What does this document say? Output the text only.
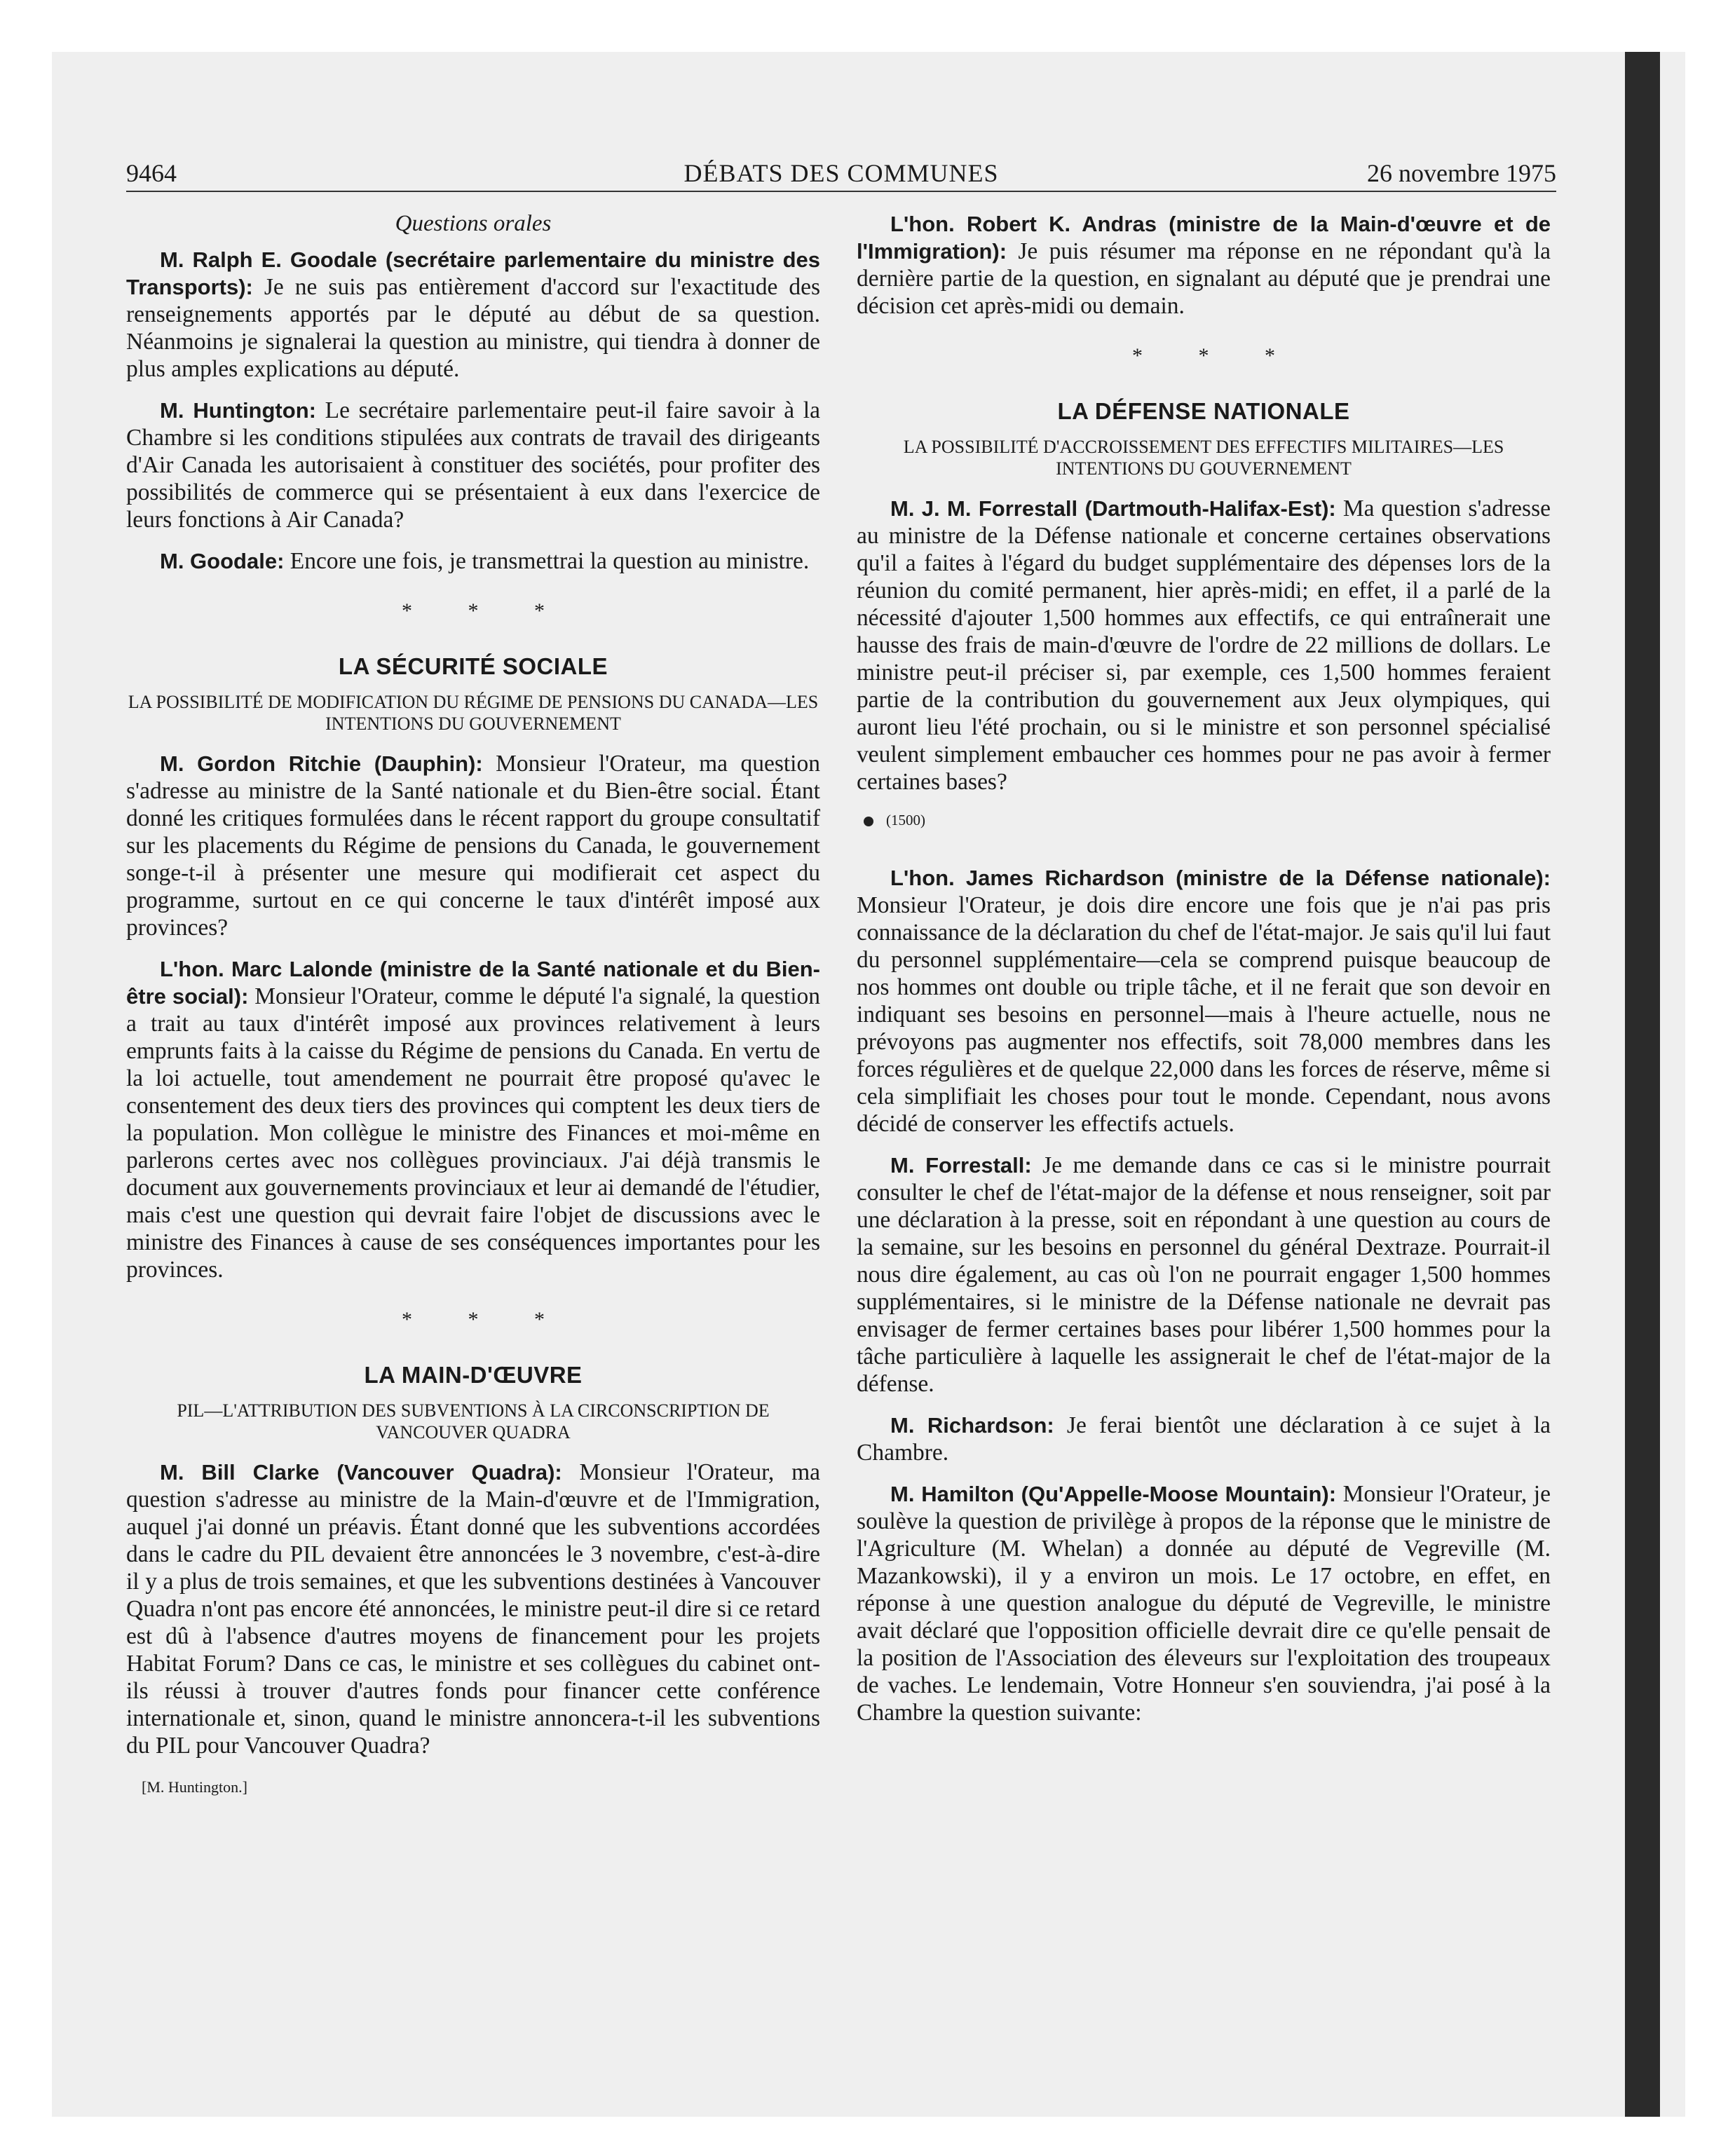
9464	DÉBATS DES COMMUNES	26 novembre 1975
Questions orales

M. Ralph E. Goodale (secrétaire parlementaire du ministre des Transports): Je ne suis pas entièrement d'accord sur l'exactitude des renseignements apportés par le député au début de sa question. Néanmoins je signalerai la question au ministre, qui tiendra à donner de plus amples explications au député.

M. Huntington: Le secrétaire parlementaire peut-il faire savoir à la Chambre si les conditions stipulées aux contrats de travail des dirigeants d'Air Canada les autorisaient à constituer des sociétés, pour profiter des possibilités de commerce qui se présentaient à eux dans l'exercice de leurs fonctions à Air Canada?

M. Goodale: Encore une fois, je transmettrai la question au ministre.

* * *
LA SÉCURITÉ SOCIALE
LA POSSIBILITÉ DE MODIFICATION DU RÉGIME DE PENSIONS DU CANADA—LES INTENTIONS DU GOUVERNEMENT

M. Gordon Ritchie (Dauphin): Monsieur l'Orateur, ma question s'adresse au ministre de la Santé nationale et du Bien-être social. Étant donné les critiques formulées dans le récent rapport du groupe consultatif sur les placements du Régime de pensions du Canada, le gouvernement songe-t-il à présenter une mesure qui modifierait cet aspect du programme, surtout en ce qui concerne le taux d'intérêt imposé aux provinces?

L'hon. Marc Lalonde (ministre de la Santé nationale et du Bien-être social): Monsieur l'Orateur, comme le député l'a signalé, la question a trait au taux d'intérêt imposé aux provinces relativement à leurs emprunts faits à la caisse du Régime de pensions du Canada. En vertu de la loi actuelle, tout amendement ne pourrait être proposé qu'avec le consentement des deux tiers des provinces qui comptent les deux tiers de la population. Mon collègue le ministre des Finances et moi-même en parlerons certes avec nos collègues provinciaux. J'ai déjà transmis le document aux gouvernements provinciaux et leur ai demandé de l'étudier, mais c'est une question qui devrait faire l'objet de discussions avec le ministre des Finances à cause de ses conséquences importantes pour les provinces.

* * *
LA MAIN-D'ŒUVRE
PIL—L'ATTRIBUTION DES SUBVENTIONS À LA CIRCONSCRIPTION DE VANCOUVER QUADRA

M. Bill Clarke (Vancouver Quadra): Monsieur l'Orateur, ma question s'adresse au ministre de la Main-d'œuvre et de l'Immigration, auquel j'ai donné un préavis. Étant donné que les subventions accordées dans le cadre du PIL devaient être annoncées le 3 novembre, c'est-à-dire il y a plus de trois semaines, et que les subventions destinées à Vancouver Quadra n'ont pas encore été annoncées, le ministre peut-il dire si ce retard est dû à l'absence d'autres moyens de financement pour les projets Habitat Forum? Dans ce cas, le ministre et ses collègues du cabinet ont-ils réussi à trouver d'autres fonds pour financer cette conférence internationale et, sinon, quand le ministre annoncera-t-il les subventions du PIL pour Vancouver Quadra?

[M. Huntington.]

L'hon. Robert K. Andras (ministre de la Main-d'œuvre et de l'Immigration): Je puis résumer ma réponse en ne répondant qu'à la dernière partie de la question, en signalant au député que je prendrai une décision cet après-midi ou demain.

* * *
LA DÉFENSE NATIONALE
LA POSSIBILITÉ D'ACCROISSEMENT DES EFFECTIFS MILITAIRES—LES INTENTIONS DU GOUVERNEMENT

M. J. M. Forrestall (Dartmouth-Halifax-Est): Ma question s'adresse au ministre de la Défense nationale et concerne certaines observations qu'il a faites à l'égard du budget supplémentaire des dépenses lors de la réunion du comité permanent, hier après-midi; en effet, il a parlé de la nécessité d'ajouter 1,500 hommes aux effectifs, ce qui entraînerait une hausse des frais de main-d'œuvre de l'ordre de 22 millions de dollars. Le ministre peut-il préciser si, par exemple, ces 1,500 hommes feraient partie de la contribution du gouvernement aux Jeux olympiques, qui auront lieu l'été prochain, ou si le ministre et son personnel spécialisé veulent simplement embaucher ces hommes pour ne pas avoir à fermer certaines bases?

(1500)

L'hon. James Richardson (ministre de la Défense nationale): Monsieur l'Orateur, je dois dire encore une fois que je n'ai pas pris connaissance de la déclaration du chef de l'état-major. Je sais qu'il lui faut du personnel supplémentaire—cela se comprend puisque beaucoup de nos hommes ont double ou triple tâche, et il ne ferait que son devoir en indiquant ses besoins en personnel—mais à l'heure actuelle, nous ne prévoyons pas augmenter nos effectifs, soit 78,000 membres dans les forces régulières et de quelque 22,000 dans les forces de réserve, même si cela simplifiait les choses pour tout le monde. Cependant, nous avons décidé de conserver les effectifs actuels.

M. Forrestall: Je me demande dans ce cas si le ministre pourrait consulter le chef de l'état-major de la défense et nous renseigner, soit par une déclaration à la presse, soit en répondant à une question au cours de la semaine, sur les besoins en personnel du général Dextraze. Pourrait-il nous dire également, au cas où l'on ne pourrait engager 1,500 hommes supplémentaires, si le ministre de la Défense nationale ne devrait pas envisager de fermer certaines bases pour libérer 1,500 hommes pour la tâche particulière à laquelle les assignerait le chef de l'état-major de la défense.

M. Richardson: Je ferai bientôt une déclaration à ce sujet à la Chambre.

M. Hamilton (Qu'Appelle-Moose Mountain): Monsieur l'Orateur, je soulève la question de privilège à propos de la réponse que le ministre de l'Agriculture (M. Whelan) a donnée au député de Vegreville (M. Mazankowski), il y a environ un mois. Le 17 octobre, en effet, en réponse à une question analogue du député de Vegreville, le ministre avait déclaré que l'opposition officielle devrait dire ce qu'elle pensait de la position de l'Association des éleveurs sur l'exploitation des troupeaux de vaches. Le lendemain, Votre Honneur s'en souviendra, j'ai posé à la Chambre la question suivante:
